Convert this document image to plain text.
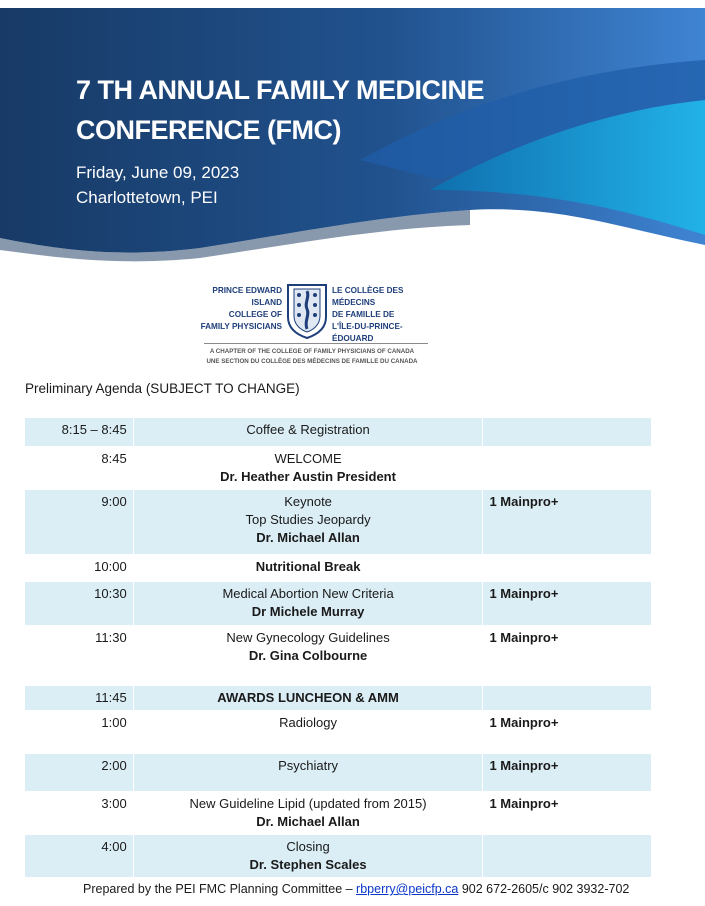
7 TH ANNUAL FAMILY MEDICINE
CONFERENCE (FMC)
Friday, June 09, 2023
Charlottetown, PEI
PRINCE EDWARD ISLAND
COLLEGE OF
FAMILY PHYSICIANS
LE COLLÈGE DES MÉDECINS
DE FAMILLE DE
L'ÎLE-DU-PRINCE-ÉDOUARD
A CHAPTER OF THE COLLEGE OF FAMILY PHYSICIANS OF CANADA
UNE SECTION DU COLLÈGE DES MÉDECINS DE FAMILLE DU CANADA
Preliminary Agenda (SUBJECT TO CHANGE)
8:15 – 8:45	Coffee & Registration	

8:45	WELCOME
Dr. Heather Austin President	

9:00	Keynote
Top Studies Jeopardy
Dr. Michael Allan	1 Mainpro+
10:00	Nutritional Break	

10:30	Medical Abortion New Criteria
Dr Michele Murray	1 Mainpro+
11:30	New Gynecology Guidelines
Dr. Gina Colbourne	1 Mainpro+
11:45	AWARDS LUNCHEON & AMM	

1:00	Radiology	1 Mainpro+
2:00	Psychiatry	1 Mainpro+
3:00	New Guideline Lipid (updated from 2015)
Dr. Michael Allan	1 Mainpro+
4:00	Closing
Dr. Stephen Scales	

Prepared by the PEI FMC Planning Committee – rbperry@peicfp.ca 902 672-2605/c 902 3932-702
